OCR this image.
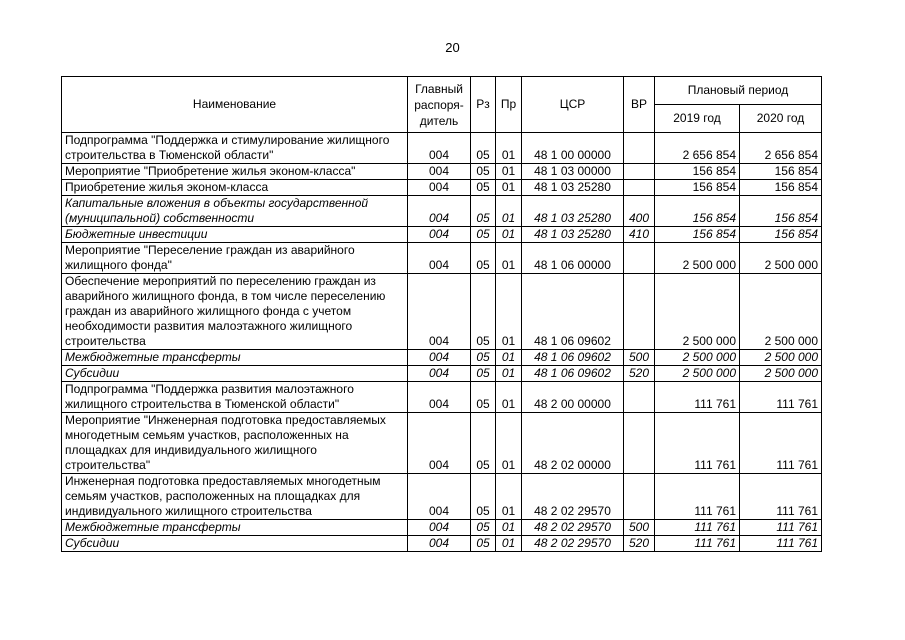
20
Наименование	Главный распоря-дитель	Рз	Пр	ЦСР	ВР	Плановый период	
						2019 год	2020 год
Подпрограмма "Поддержка и стимулирование жилищного строительства в Тюменской области"	004	05	01	48 1 00 00000		2 656 854	2 656 854
Мероприятие "Приобретение жилья эконом-класса"	004	05	01	48 1 03 00000		156 854	156 854
Приобретение жилья эконом-класса	004	05	01	48 1 03 25280		156 854	156 854
Капитальные вложения в объекты государственной (муниципальной) собственности	004	05	01	48 1 03 25280	400	156 854	156 854
Бюджетные инвестиции	004	05	01	48 1 03 25280	410	156 854	156 854
Мероприятие "Переселение граждан из аварийного жилищного фонда"	004	05	01	48 1 06 00000		2 500 000	2 500 000
Обеспечение мероприятий по переселению граждан из аварийного жилищного фонда, в том числе переселению граждан из аварийного жилищного фонда с учетом необходимости развития малоэтажного жилищного строительства	004	05	01	48 1 06 09602		2 500 000	2 500 000
Межбюджетные трансферты	004	05	01	48 1 06 09602	500	2 500 000	2 500 000
Субсидии	004	05	01	48 1 06 09602	520	2 500 000	2 500 000
Подпрограмма "Поддержка развития малоэтажного жилищного строительства в Тюменской области"	004	05	01	48 2 00 00000		111 761	111 761
Мероприятие "Инженерная подготовка предоставляемых многодетным семьям участков, расположенных на площадках для индивидуального жилищного строительства"	004	05	01	48 2 02 00000		111 761	111 761
Инженерная подготовка предоставляемых многодетным семьям участков, расположенных на площадках для индивидуального жилищного строительства	004	05	01	48 2 02 29570		111 761	111 761
Межбюджетные трансферты	004	05	01	48 2 02 29570	500	111 761	111 761
Субсидии	004	05	01	48 2 02 29570	520	111 761	111 761
